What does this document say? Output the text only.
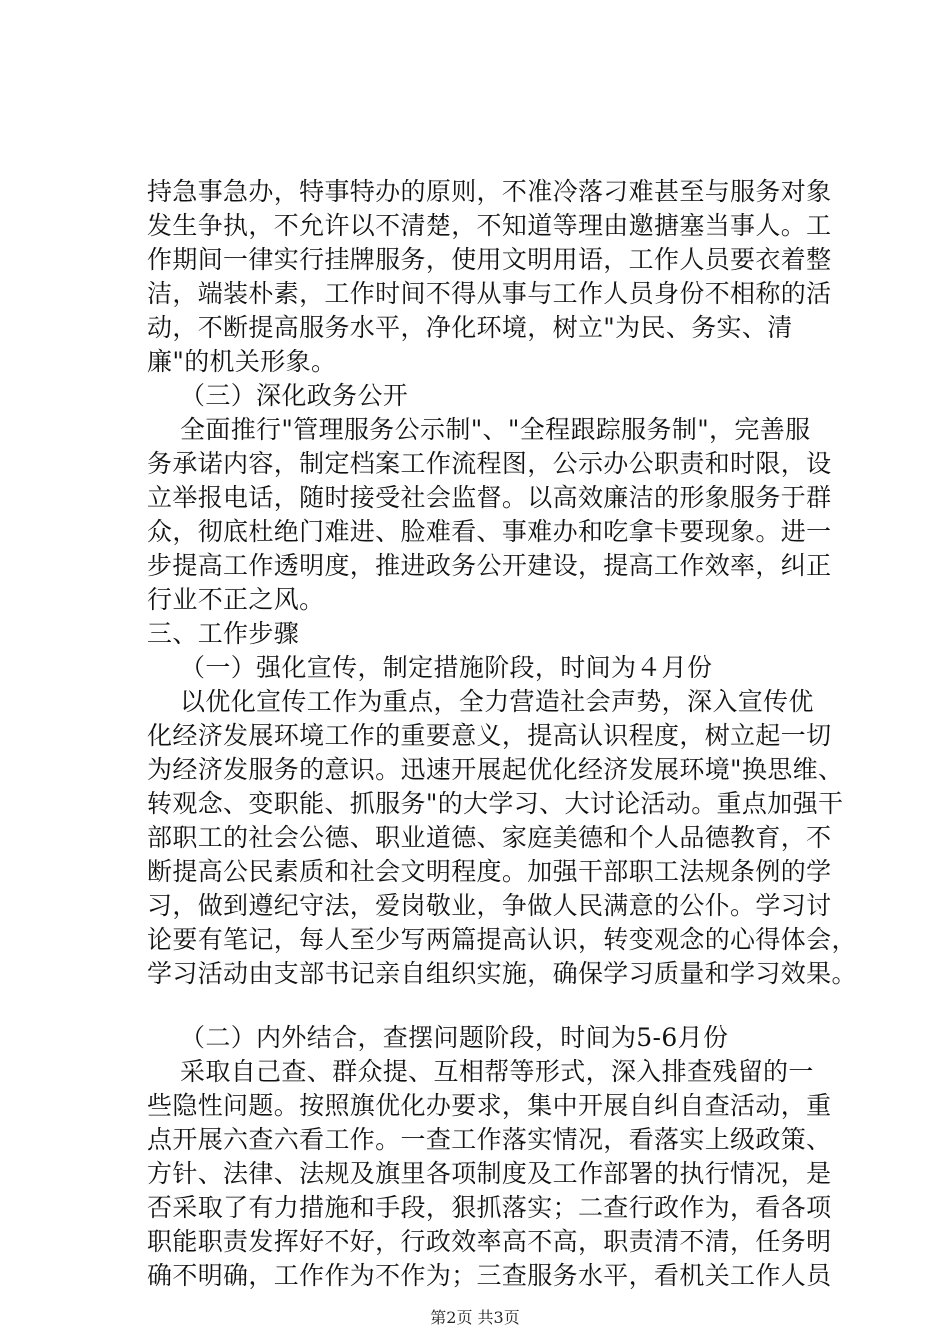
持急事急办，特事特办的原则，不准冷落刁难甚至与服务对象
发生争执，不允许以不清楚，不知道等理由邀搪塞当事人。工
作期间一律实行挂牌服务，使用文明用语，工作人员要衣着整
洁，端装朴素，工作时间不得从事与工作人员身份不相称的活
动，不断提高服务水平，净化环境，树立"为民、务实、清
廉"的机关形象。
（三）深化政务公开
全面推行"管理服务公示制"、"全程跟踪服务制"，完善服
务承诺内容，制定档案工作流程图，公示办公职责和时限，设
立举报电话，随时接受社会监督。以高效廉洁的形象服务于群
众，彻底杜绝门难进、脸难看、事难办和吃拿卡要现象。进一
步提高工作透明度，推进政务公开建设，提高工作效率，纠正
行业不正之风。
三、工作步骤
（一）强化宣传，制定措施阶段，时间为４月份
以优化宣传工作为重点，全力营造社会声势，深入宣传优
化经济发展环境工作的重要意义，提高认识程度，树立起一切
为经济发服务的意识。迅速开展起优化经济发展环境"换思维、
转观念、变职能、抓服务"的大学习、大讨论活动。重点加强干
部职工的社会公德、职业道德、家庭美德和个人品德教育，不
断提高公民素质和社会文明程度。加强干部职工法规条例的学
习，做到遵纪守法，爱岗敬业，争做人民满意的公仆。学习讨
论要有笔记，每人至少写两篇提高认识，转变观念的心得体会，
学习活动由支部书记亲自组织实施，确保学习质量和学习效果。
（二）内外结合，查摆问题阶段，时间为5-6月份
采取自己查、群众提、互相帮等形式，深入排查残留的一
些隐性问题。按照旗优化办要求，集中开展自纠自查活动，重
点开展六查六看工作。一查工作落实情况，看落实上级政策、
方针、法律、法规及旗里各项制度及工作部署的执行情况，是
否采取了有力措施和手段，狠抓落实；二查行政作为，看各项
职能职责发挥好不好，行政效率高不高，职责清不清，任务明
确不明确，工作作为不作为；三查服务水平，看机关工作人员
第2页 共3页
